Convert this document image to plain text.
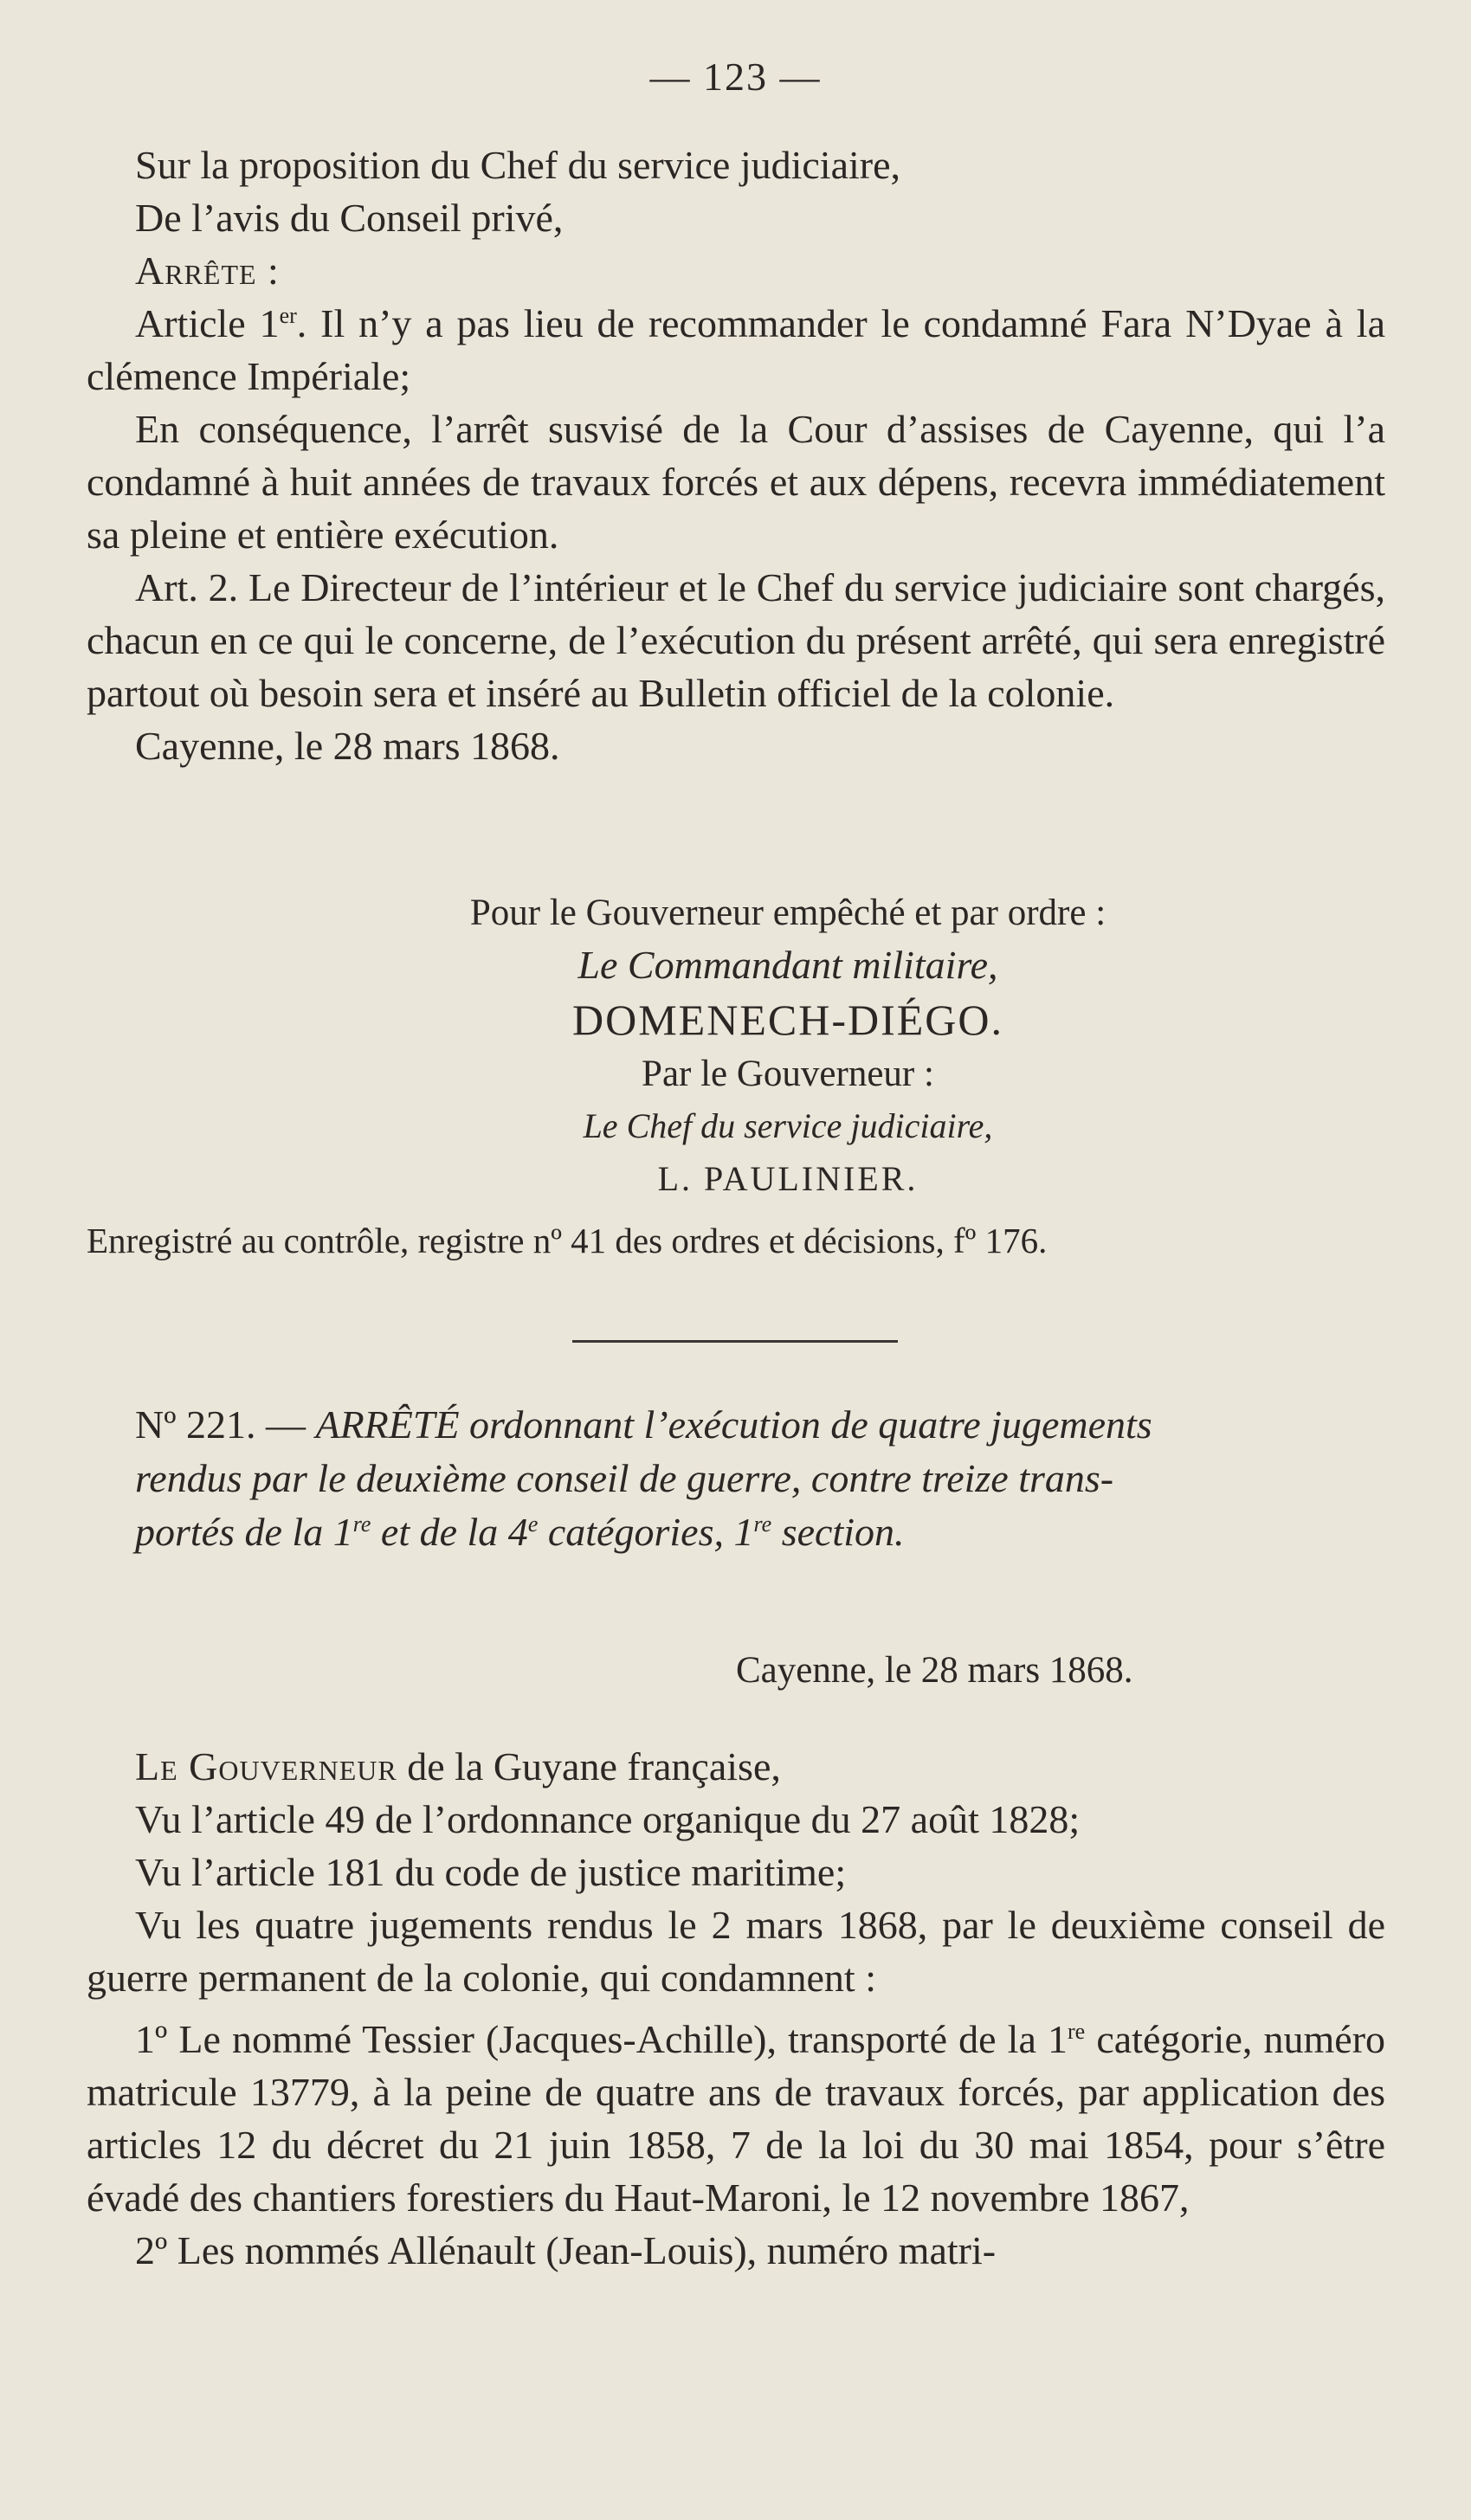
— 123 —

Sur la proposition du Chef du service judiciaire,

De l’avis du Conseil privé,

Arrête :

Article 1er. Il n’y a pas lieu de recommander le condamné Fara N’Dyae à la clémence Impériale;

En conséquence, l’arrêt susvisé de la Cour d’assises de Cayenne, qui l’a condamné à huit années de travaux forcés et aux dépens, recevra immédiatement sa pleine et entière exécution.

Art. 2. Le Directeur de l’intérieur et le Chef du service judiciaire sont chargés, chacun en ce qui le concerne, de l’exécution du présent arrêté, qui sera enregistré partout où besoin sera et inséré au Bulletin officiel de la colonie.

Cayenne, le 28 mars 1868.

Pour le Gouverneur empêché et par ordre :

Le Commandant militaire,

DOMENECH-DIÉGO.

Par le Gouverneur :

Le Chef du service judiciaire,

L. PAULINIER.

Enregistré au contrôle, registre nº 41 des ordres et décisions, fº 176.

Nº 221. — ARRÊTÉ ordonnant l’exécution de quatre jugements

rendus par le deuxième conseil de guerre, contre treize trans-

portés de la 1re et de la 4e catégories, 1re section.

Cayenne, le 28 mars 1868.

Le Gouverneur de la Guyane française,

Vu l’article 49 de l’ordonnance organique du 27 août 1828;

Vu l’article 181 du code de justice maritime;

Vu les quatre jugements rendus le 2 mars 1868, par le deuxième conseil de guerre permanent de la colonie, qui condamnent :

1º Le nommé Tessier (Jacques-Achille), transporté de la 1re catégorie, numéro matricule 13779, à la peine de quatre ans de travaux forcés, par application des articles 12 du décret du 21 juin 1858, 7 de la loi du 30 mai 1854, pour s’être évadé des chantiers forestiers du Haut-Maroni, le 12 novembre 1867,

2º Les nommés Allénault (Jean-Louis), numéro matri-
